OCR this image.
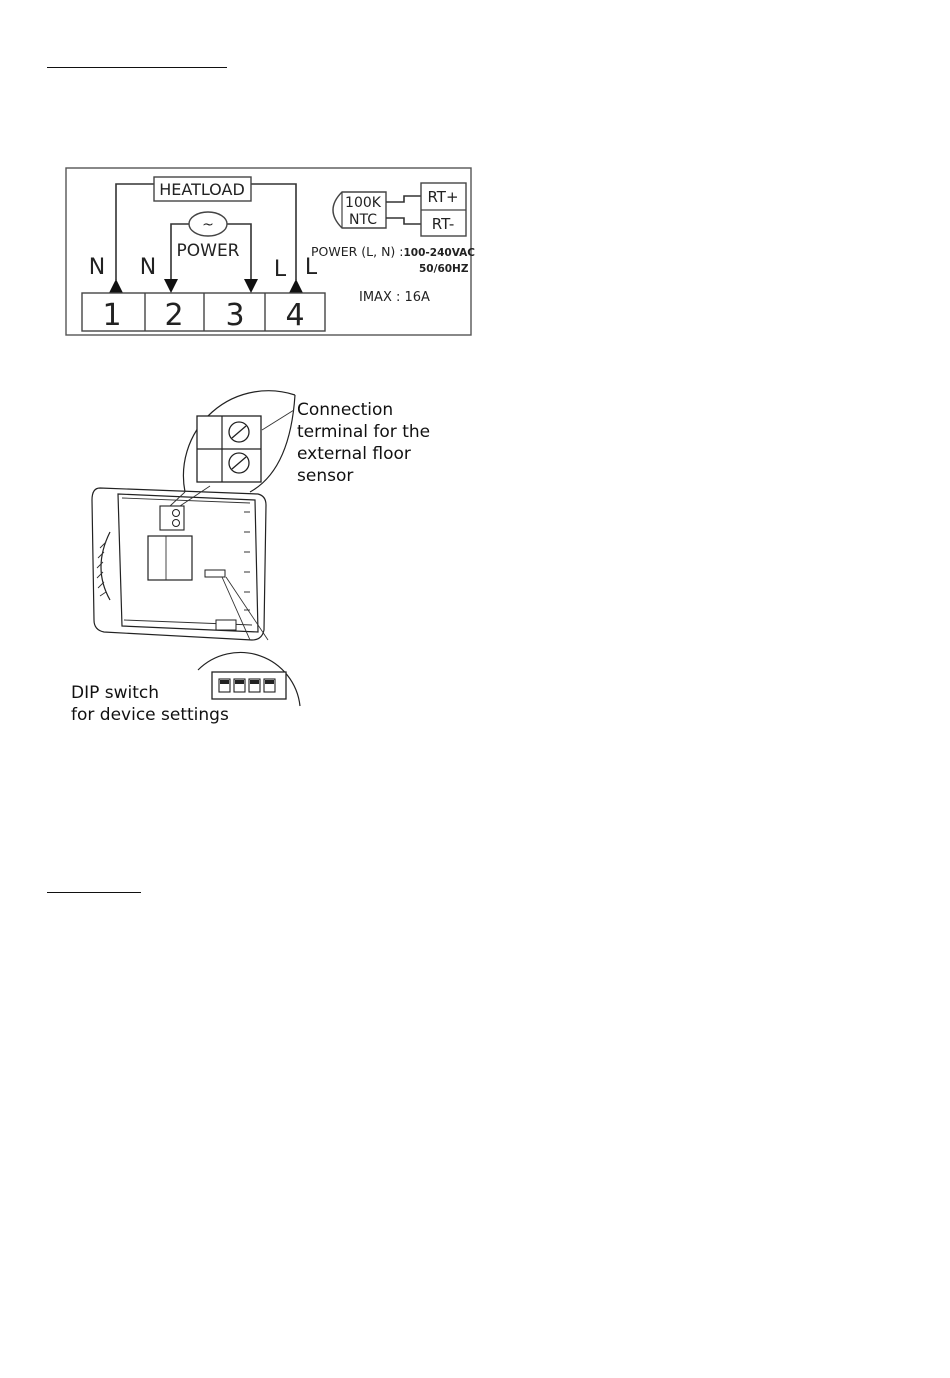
HEATLOAD
~
POWER
N N	L L
1 2 3 4
100K
NTC
RT+
RT-
POWER (L, N) :100-240VAC
50/60HZ
IMAX : 16A
Connection
terminal for the
external floor
sensor
DIP switch
for device settings
